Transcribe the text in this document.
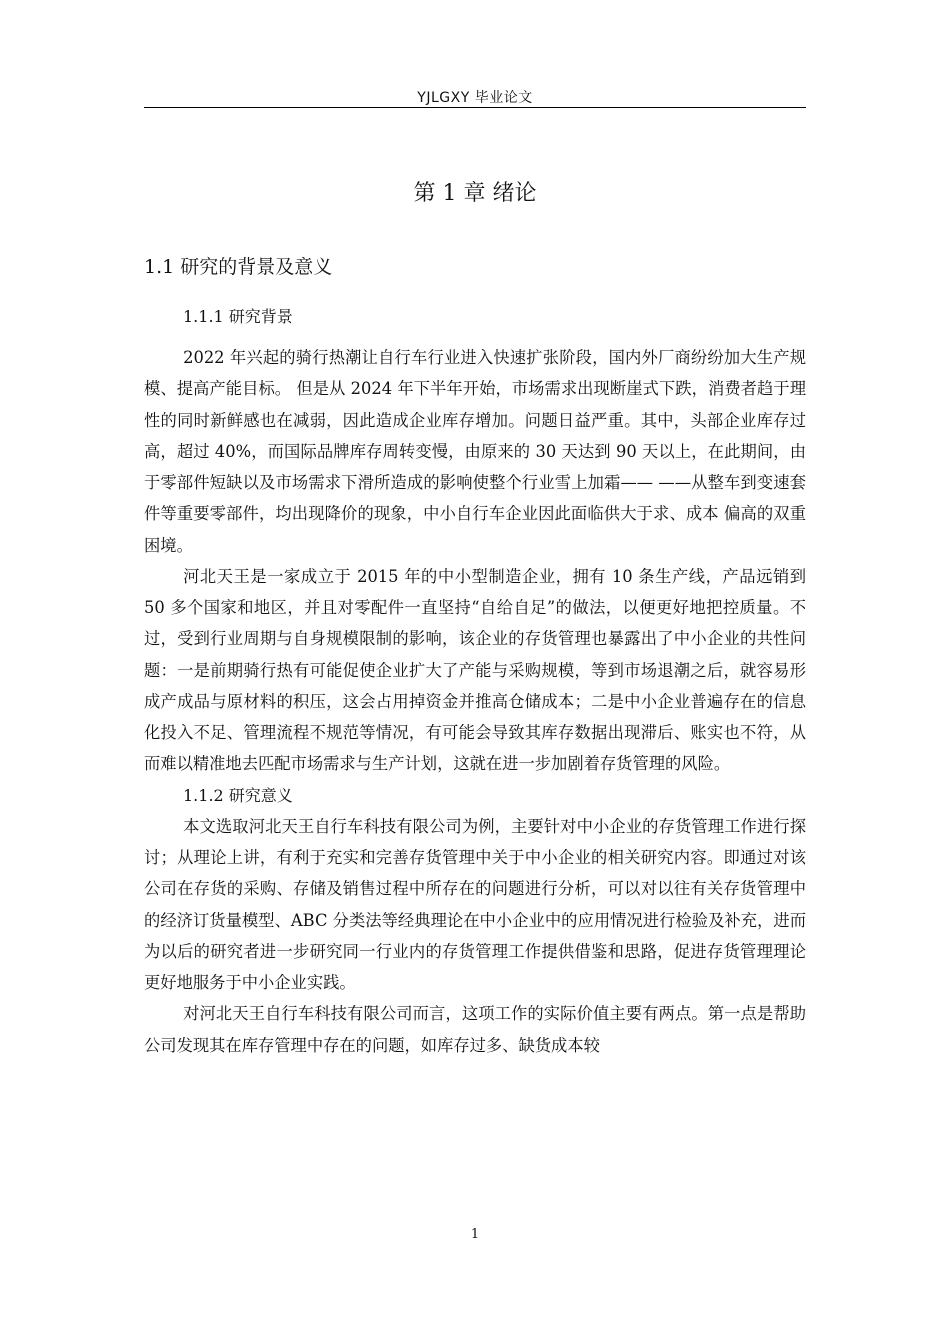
YJLGXY 毕业论文
第 1 章 绪论
1.1 研究的背景及意义
1.1.1 研究背景

2022 年兴起的骑行热潮让自行车行业进入快速扩张阶段，国内外厂商纷纷加大生产规模、提高产能目标。 但是从 2024 年下半年开始，市场需求出现断崖式下跌，消费者趋于理性的同时新鲜感也在减弱，因此造成企业库存增加。问题日益严重。其中，头部企业库存过高，超过 40%，而国际品牌库存周转变慢，由原来的 30 天达到 90 天以上，在此期间，由于零部件短缺以及市场需求下滑所造成的影响使整个行业雪上加霜—— ——从整车到变速套件等重要零部件，均出现降价的现象，中小自行车企业因此面临供大于求、成本 偏高的双重困境。

河北天王是一家成立于 2015 年的中小型制造企业，拥有 10 条生产线，产品远销到 50 多个国家和地区，并且对零配件一直坚持“自给自足”的做法，以便更好地把控质量。不过，受到行业周期与自身规模限制的影响，该企业的存货管理也暴露出了中小企业的共性问题：一是前期骑行热有可能促使企业扩大了产能与采购规模，等到市场退潮之后，就容易形成产成品与原材料的积压，这会占用掉资金并推高仓储成本；二是中小企业普遍存在的信息化投入不足、管理流程不规范等情况，有可能会导致其库存数据出现滞后、账实也不符，从而难以精准地去匹配市场需求与生产计划，这就在进一步加剧着存货管理的风险。

1.1.2 研究意义

本文选取河北天王自行车科技有限公司为例，主要针对中小企业的存货管理工作进行探讨；从理论上讲，有利于充实和完善存货管理中关于中小企业的相关研究内容。即通过对该公司在存货的采购、存储及销售过程中所存在的问题进行分析，可以对以往有关存货管理中的经济订货量模型、ABC 分类法等经典理论在中小企业中的应用情况进行检验及补充，进而为以后的研究者进一步研究同一行业内的存货管理工作提供借鉴和思路，促进存货管理理论更好地服务于中小企业实践。

对河北天王自行车科技有限公司而言，这项工作的实际价值主要有两点。第一点是帮助公司发现其在库存管理中存在的问题，如库存过多、缺货成本较

1
